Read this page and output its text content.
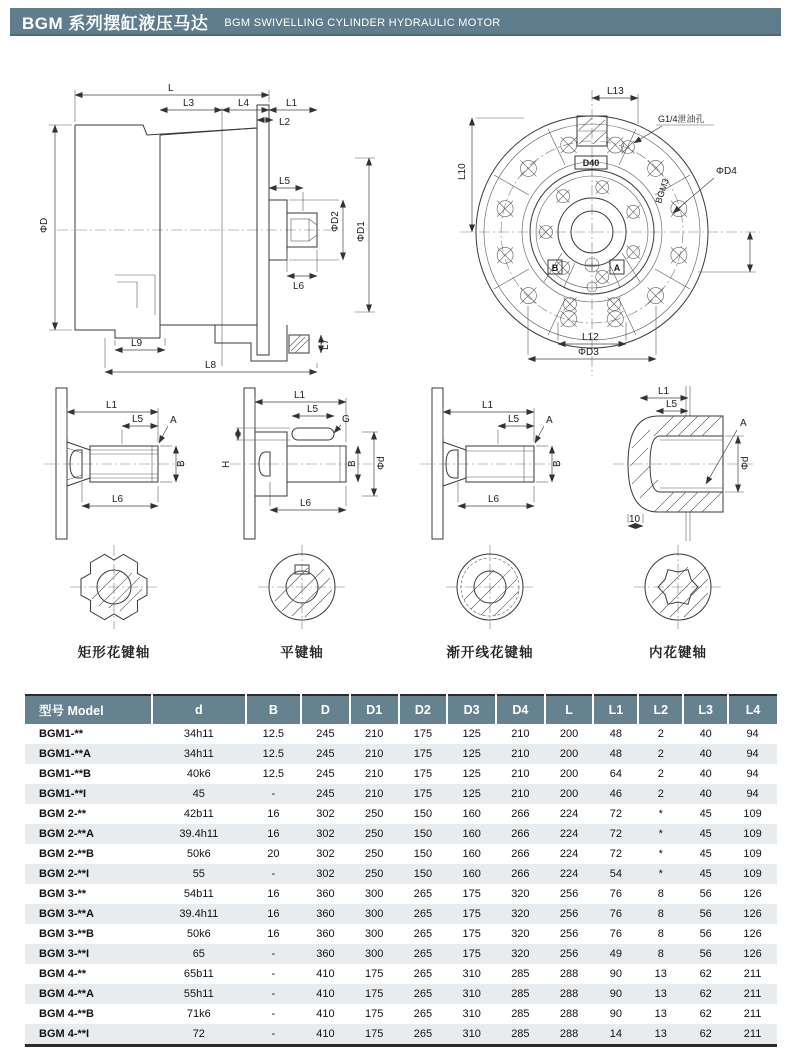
BGM 系列摆缸液压马达 BGM SWIVELLING CYLINDER HYDRAULIC MOTOR
L
L3	L4	L1
L2
ΦD
L5
L6
ΦD2 ΦD1
L9
L8
L7
D40
B	A
BGM3
G1/4泄油孔
L13
L10
L12
ΦD3
ΦD4
L1
L5	A
B
L6
矩形花键轴
H
L1
L5
G
B Φd
L6
平键轴
L1
L5	A
B
L6
渐开线花键轴
L1
L5
A
Φd
10
内花键轴
型号 Model	d	B	D	D1	D2	D3	D4	L	L1	L2	L3	L4
BGM1-**	34h11	12.5	245	210	175	125	210	200	48	2	40	94
BGM1-**A	34h11	12.5	245	210	175	125	210	200	48	2	40	94
BGM1-**B	40k6	12.5	245	210	175	125	210	200	64	2	40	94
BGM1-**I	45	-	245	210	175	125	210	200	46	2	40	94
BGM 2-**	42b11	16	302	250	150	160	266	224	72	*	45	109
BGM 2-**A	39.4h11	16	302	250	150	160	266	224	72	*	45	109
BGM 2-**B	50k6	20	302	250	150	160	266	224	72	*	45	109
BGM 2-**I	55	-	302	250	150	160	266	224	54	*	45	109
BGM 3-**	54b11	16	360	300	265	175	320	256	76	8	56	126
BGM 3-**A	39.4h11	16	360	300	265	175	320	256	76	8	56	126
BGM 3-**B	50k6	16	360	300	265	175	320	256	76	8	56	126
BGM 3-**I	65	-	360	300	265	175	320	256	49	8	56	126
BGM 4-**	65b11	-	410	175	265	310	285	288	90	13	62	211
BGM 4-**A	55h11	-	410	175	265	310	285	288	90	13	62	211
BGM 4-**B	71k6	-	410	175	265	310	285	288	90	13	62	211
BGM 4-**I	72	-	410	175	265	310	285	288	14	13	62	211
